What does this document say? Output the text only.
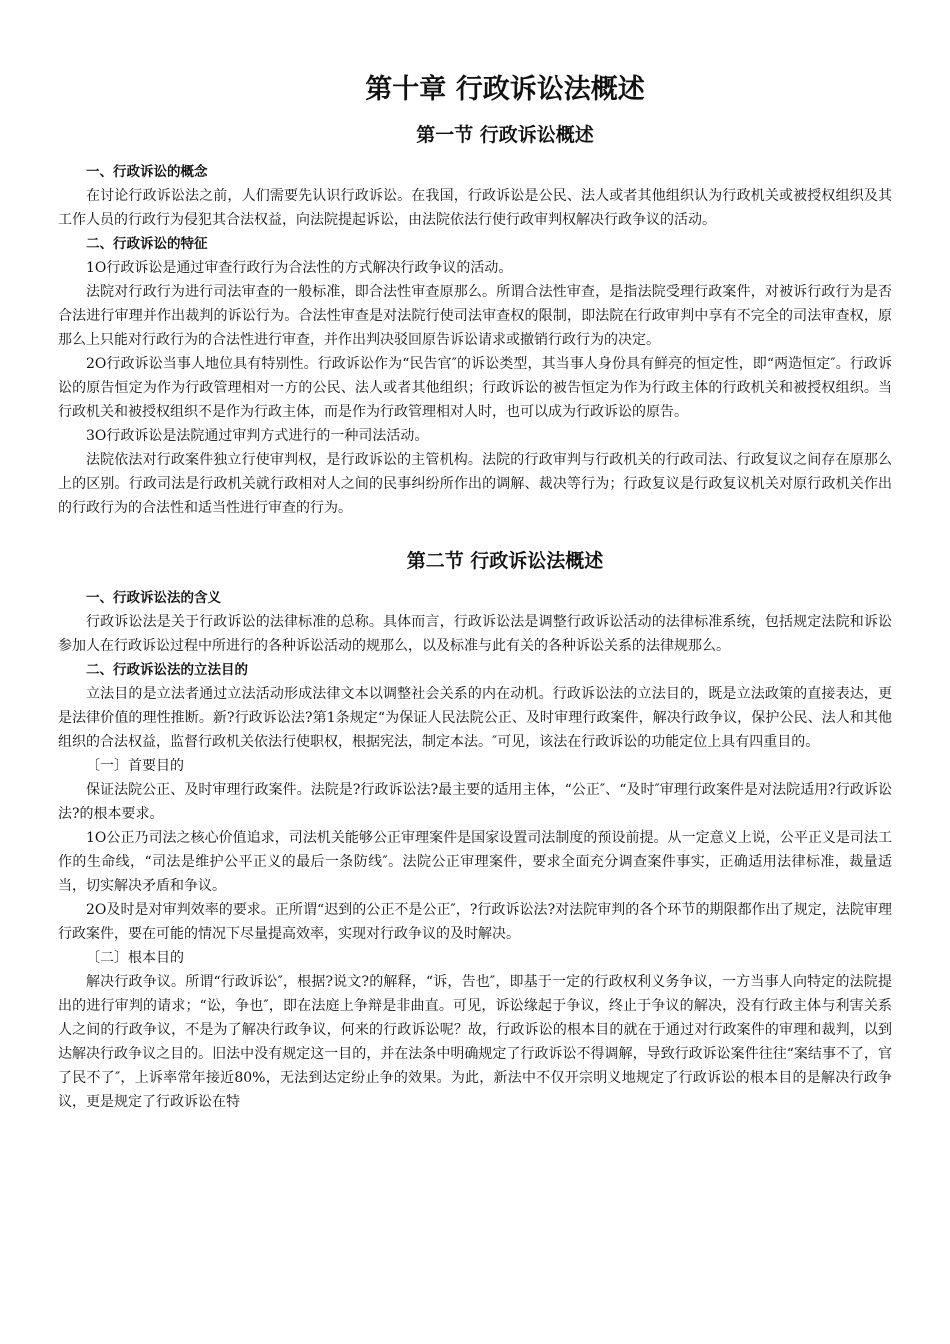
第十章 行政诉讼法概述
第一节 行政诉讼概述
一、行政诉讼的概念

在讨论行政诉讼法之前，人们需要先认识行政诉讼。在我国，行政诉讼是公民、法人或者其他组织认为行政机关或被授权组织及其工作人员的行政行为侵犯其合法权益，向法院提起诉讼，由法院依法行使行政审判权解决行政争议的活动。

二、行政诉讼的特征

1O行政诉讼是通过审查行政行为合法性的方式解决行政争议的活动。

法院对行政行为进行司法审查的一般标准，即合法性审查原那么。所谓合法性审查，是指法院受理行政案件，对被诉行政行为是否合法进行审理并作出裁判的诉讼行为。合法性审查是对法院行使司法审查权的限制，即法院在行政审判中享有不完全的司法审查权，原那么上只能对行政行为的合法性进行审查，并作出判决驳回原告诉讼请求或撤销行政行为的决定。

2O行政诉讼当事人地位具有特别性。行政诉讼作为“民告官″的诉讼类型，其当事人身份具有鲜亮的恒定性，即“两造恒定″。行政诉讼的原告恒定为作为行政管理相对一方的公民、法人或者其他组织；行政诉讼的被告恒定为作为行政主体的行政机关和被授权组织。当行政机关和被授权组织不是作为行政主体，而是作为行政管理相对人时，也可以成为行政诉讼的原告。

3O行政诉讼是法院通过审判方式进行的一种司法活动。

法院依法对行政案件独立行使审判权，是行政诉讼的主管机构。法院的行政审判与行政机关的行政司法、行政复议之间存在原那么上的区别。行政司法是行政机关就行政相对人之间的民事纠纷所作出的调解、裁决等行为；行政复议是行政复议机关对原行政机关作出的行政行为的合法性和适当性进行审查的行为。

第二节 行政诉讼法概述
一、行政诉讼法的含义

行政诉讼法是关于行政诉讼的法律标准的总称。具体而言，行政诉讼法是调整行政诉讼活动的法律标准系统，包括规定法院和诉讼参加人在行政诉讼过程中所进行的各种诉讼活动的规那么，以及标准与此有关的各种诉讼关系的法律规那么。

二、行政诉讼法的立法目的

立法目的是立法者通过立法活动形成法律文本以调整社会关系的内在动机。行政诉讼法的立法目的，既是立法政策的直接表达，更是法律价值的理性推断。新?行政诉讼法?第1条规定“为保证人民法院公正、及时审理行政案件，解决行政争议，保护公民、法人和其他组织的合法权益，监督行政机关依法行使职权，根据宪法，制定本法。″可见，该法在行政诉讼的功能定位上具有四重目的。

〔一〕首要目的

保证法院公正、及时审理行政案件。法院是?行政诉讼法?最主要的适用主体，“公正″、“及时″审理行政案件是对法院适用?行政诉讼法?的根本要求。

1O公正乃司法之核心价值追求，司法机关能够公正审理案件是国家设置司法制度的预设前提。从一定意义上说，公平正义是司法工作的生命线，“司法是维护公平正义的最后一条防线″。法院公正审理案件，要求全面充分调查案件事实，正确适用法律标准，裁量适当，切实解决矛盾和争议。

2O及时是对审判效率的要求。正所谓“迟到的公正不是公正″，?行政诉讼法?对法院审判的各个环节的期限都作出了规定，法院审理行政案件，要在可能的情况下尽量提高效率，实现对行政争议的及时解决。

〔二〕根本目的

解决行政争议。所谓“行政诉讼″，根据?说文?的解释，“诉，告也″，即基于一定的行政权利义务争议，一方当事人向特定的法院提出的进行审判的请求；“讼，争也″，即在法庭上争辩是非曲直。可见，诉讼缘起于争议，终止于争议的解决，没有行政主体与利害关系人之间的行政争议，不是为了解决行政争议，何来的行政诉讼呢？故，行政诉讼的根本目的就在于通过对行政案件的审理和裁判，以到达解决行政争议之目的。旧法中没有规定这一目的，并在法条中明确规定了行政诉讼不得调解，导致行政诉讼案件往往“案结事不了，官了民不了″，上诉率常年接近80%，无法到达定纷止争的效果。为此，新法中不仅开宗明义地规定了行政诉讼的根本目的是解决行政争议，更是规定了行政诉讼在特
